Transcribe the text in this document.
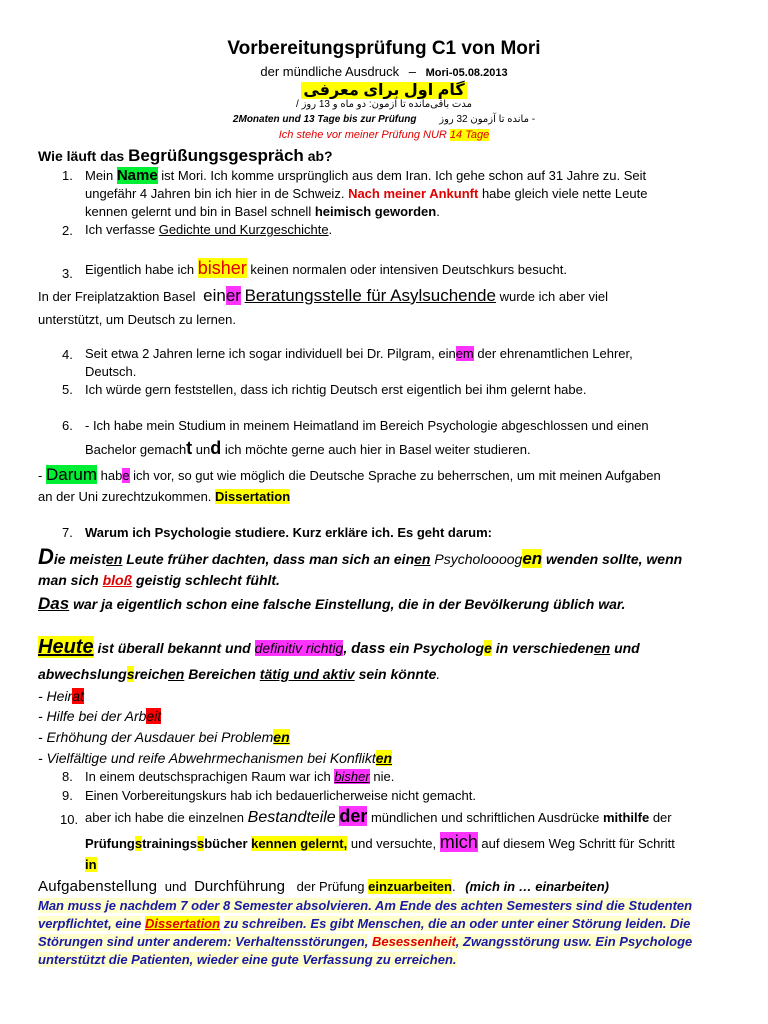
Vorbereitungsprüfung C1 von Mori
der mündliche Ausdruck – Mori-05.08.2013
گام اول برای معرفی
مدت باقی‌مانده تا آزمون: دو ماه و 13 روز /
2Monaten und 13 Tage bis zur Prüfung مانده تا آزمون 32 روز -
Ich stehe vor meiner Prüfung NUR 14 Tage
Wie läuft das Begrüßungsgespräch ab?
1. Mein Name ist Mori. Ich komme ursprünglich aus dem Iran. Ich gehe schon auf 31 Jahre zu. Seit
ungefähr 4 Jahren bin ich hier in de Schweiz. Nach meiner Ankunft habe gleich viele nette Leute
kennen gelernt und bin in Basel schnell heimisch geworden.
2. Ich verfasse Gedichte und Kurzgeschichte.
3. Eigentlich habe ich bisher keinen normalen oder intensiven Deutschkurs besucht.
In der Freiplatzaktion Basel einer Beratungsstelle für Asylsuchende wurde ich aber viel
unterstützt, um Deutsch zu lernen.
4. Seit etwa 2 Jahren lerne ich sogar individuell bei Dr. Pilgram, einem der ehrenamtlichen Lehrer,
Deutsch.
5. Ich würde gern feststellen, dass ich richtig Deutsch erst eigentlich bei ihm gelernt habe.
6. - Ich habe mein Studium in meinem Heimatland im Bereich Psychologie abgeschlossen und einen
Bachelor gemacht und ich möchte gerne auch hier in Basel weiter studieren.
- Darum habe ich vor, so gut wie möglich die Deutsche Sprache zu beherrschen, um mit meinen Aufgaben
an der Uni zurechtzukommen. Dissertation
7. Warum ich Psychologie studiere. Kurz erkläre ich. Es geht darum:
Die meisten Leute früher dachten, dass man sich an einen Psycholoooogen wenden sollte, wenn
man sich bloß geistig schlecht fühlt.
Das war ja eigentlich schon eine falsche Einstellung, die in der Bevölkerung üblich war.
Heute ist überall bekannt und definitiv richtig, dass ein Psychologe in verschiedenen und
abwechslungsreichen Bereichen tätig und aktiv sein könnte.
- Heirat
- Hilfe bei der Arbeit
- Erhöhung der Ausdauer bei Problemen
- Vielfältige und reife Abwehrmechanismen bei Konflikten
8. In einem deutschsprachigen Raum war ich bisher nie.
9. Einen Vorbereitungskurs hab ich bedauerlicherweise nicht gemacht.
10. aber ich habe die einzelnen Bestandteile der mündlichen und schriftlichen Ausdrücke mithilfe der
Prüfungstrainingssbücher kennen gelernt, und versuchte, mich auf diesem Weg Schritt für Schritt
in
Aufgabenstellung und Durchführung der Prüfung einzuarbeiten. (mich in … einarbeiten)
Man muss je nachdem 7 oder 8 Semester absolvieren. Am Ende des achten Semesters sind die Studenten
verpflichtet, eine Dissertation zu schreiben. Es gibt Menschen, die an oder unter einer Störung leiden. Die
Störungen sind unter anderem: Verhaltensstörungen, Besessenheit, Zwangsstörung usw. Ein Psychologe
unterstützt die Patienten, wieder eine gute Verfassung zu erreichen.
